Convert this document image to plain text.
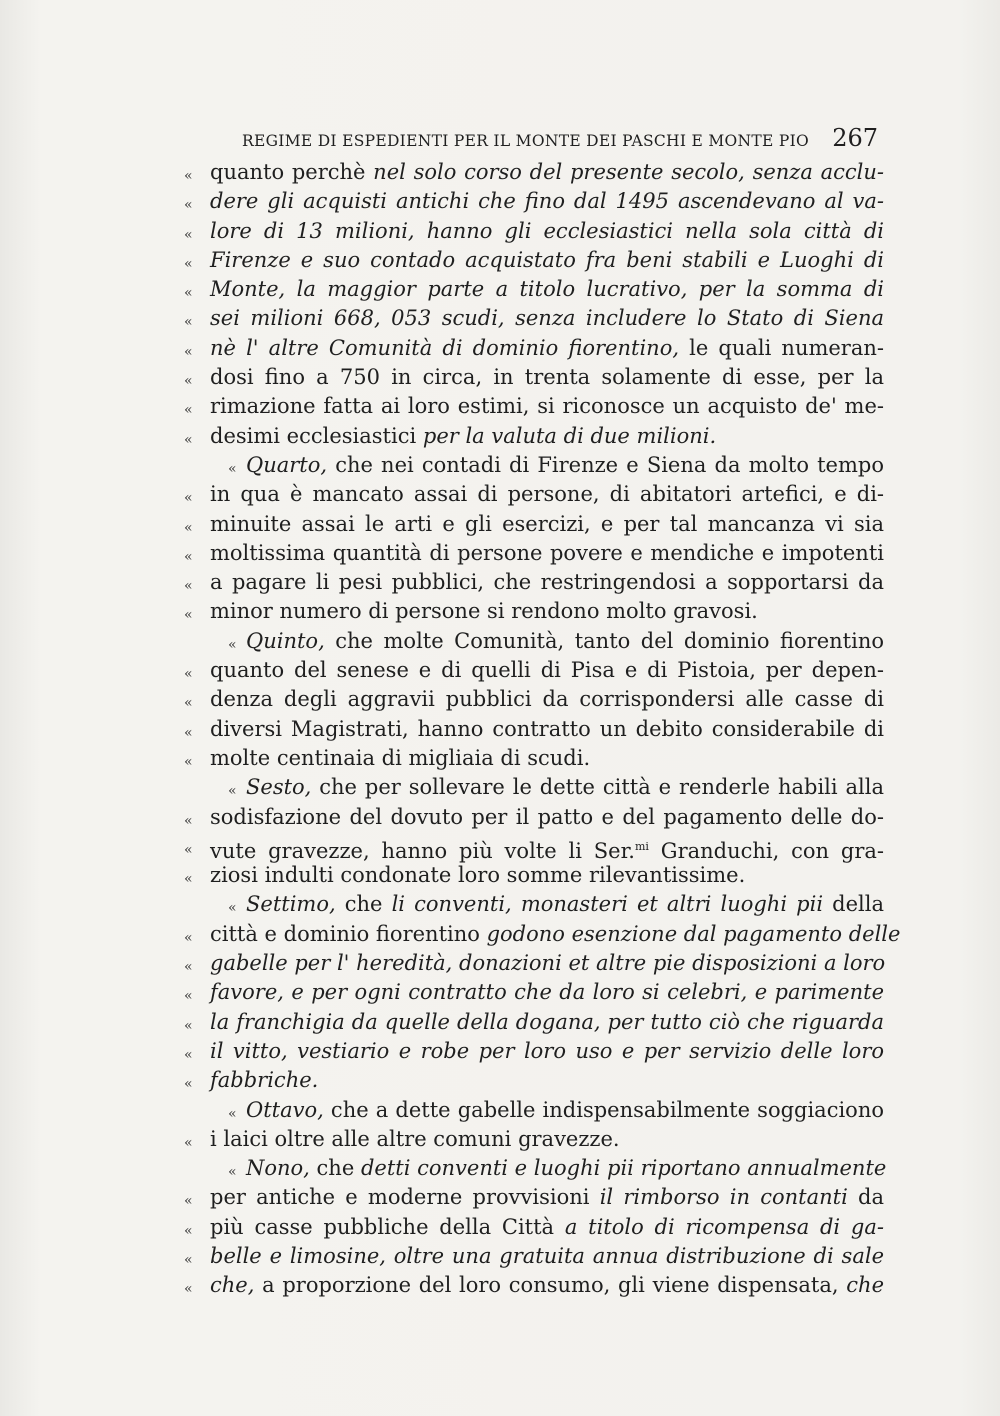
REGIME DI ESPEDIENTI PER IL MONTE DEI PASCHI E MONTE PIO 267
« quanto perchè nel solo corso del presente secolo, senza acclu-
« dere gli acquisti antichi che fino dal 1495 ascendevano al va-
« lore di 13 milioni, hanno gli ecclesiastici nella sola città di
« Firenze e suo contado acquistato fra beni stabili e Luoghi di
« Monte, la maggior parte a titolo lucrativo, per la somma di
« sei milioni 668, 053 scudi, senza includere lo Stato di Siena
« nè l' altre Comunità di dominio fiorentino, le quali numeran-
« dosi fino a 750 in circa, in trenta solamente di esse, per la
« rimazione fatta ai loro estimi, si riconosce un acquisto de' me-
« desimi ecclesiastici per la valuta di due milioni.
« Quarto, che nei contadi di Firenze e Siena da molto tempo
« in qua è mancato assai di persone, di abitatori artefici, e di-
« minuite assai le arti e gli esercizi, e per tal mancanza vi sia
« moltissima quantità di persone povere e mendiche e impotenti
« a pagare li pesi pubblici, che restringendosi a sopportarsi da
« minor numero di persone si rendono molto gravosi.
« Quinto, che molte Comunità, tanto del dominio fiorentino
« quanto del senese e di quelli di Pisa e di Pistoia, per depen-
« denza degli aggravii pubblici da corrispondersi alle casse di
« diversi Magistrati, hanno contratto un debito considerabile di
« molte centinaia di migliaia di scudi.
« Sesto, che per sollevare le dette città e renderle habili alla
« sodisfazione del dovuto per il patto e del pagamento delle do-
« vute gravezze, hanno più volte li Ser.$^{mi}$ Granduchi, con gra-
« ziosi indulti condonate loro somme rilevantissime.
« Settimo, che li conventi, monasteri et altri luoghi pii della
« città e dominio fiorentino godono esenzione dal pagamento delle
« gabelle per l' heredità, donazioni et altre pie disposizioni a loro
« favore, e per ogni contratto che da loro si celebri, e parimente
« la franchigia da quelle della dogana, per tutto ciò che riguarda
« il vitto, vestiario e robe per loro uso e per servizio delle loro
« fabbriche.
« Ottavo, che a dette gabelle indispensabilmente soggiaciono
« i laici oltre alle altre comuni gravezze.
« Nono, che detti conventi e luoghi pii riportano annualmente
« per antiche e moderne provvisioni il rimborso in contanti da
« più casse pubbliche della Città a titolo di ricompensa di ga-
« belle e limosine, oltre una gratuita annua distribuzione di sale
« che, a proporzione del loro consumo, gli viene dispensata, che
